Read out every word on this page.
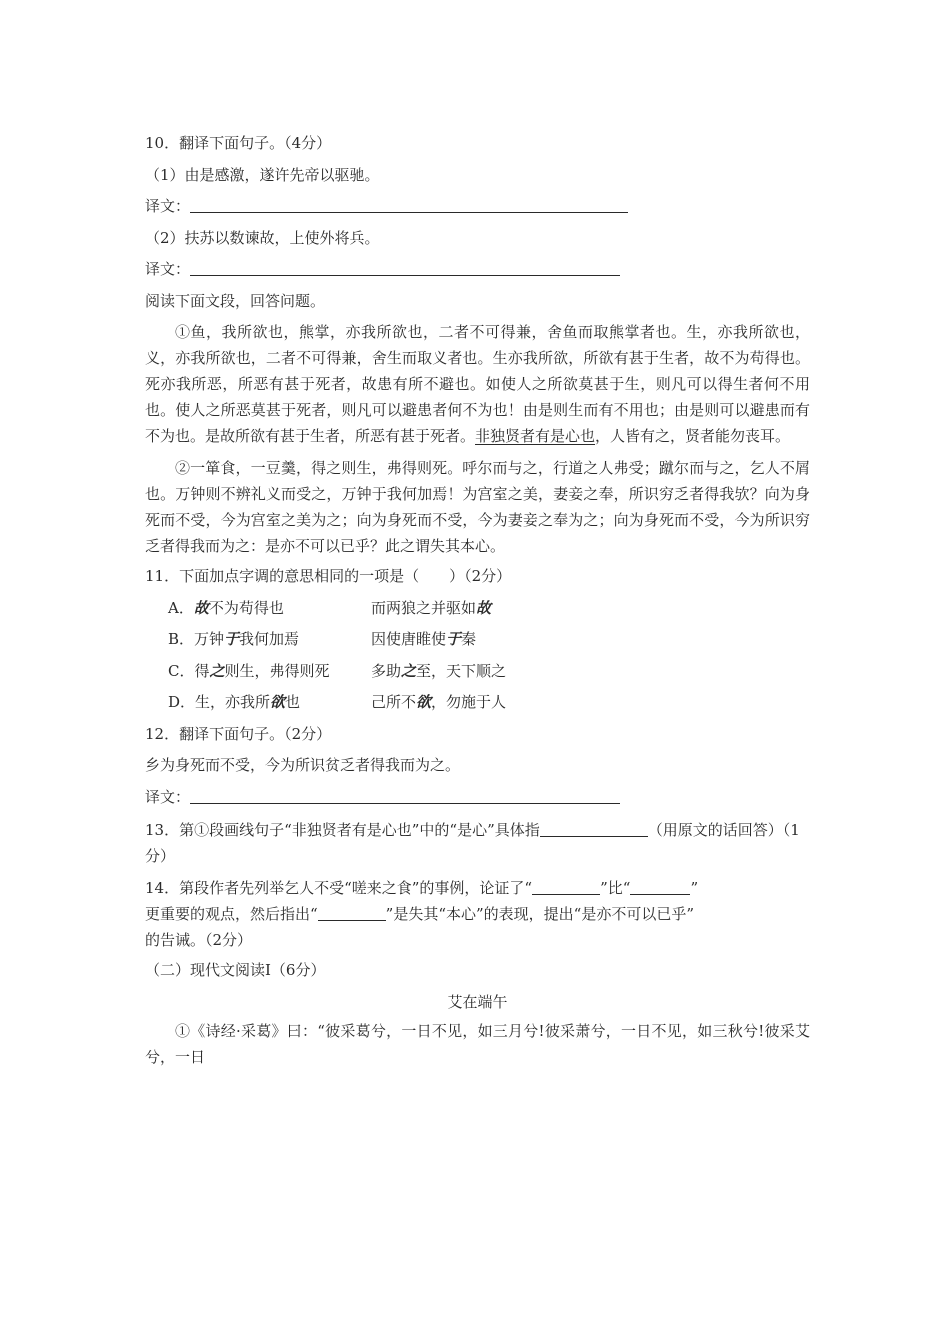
10．翻译下面句子。（4分）
（1）由是感激，遂许先帝以驱驰。
译文：
（2）扶苏以数谏故，上使外将兵。
译文：
阅读下面文段，回答问题。

①鱼，我所欲也，熊掌，亦我所欲也，二者不可得兼，舍鱼而取熊掌者也。生，亦我所欲也，义，亦我所欲也，二者不可得兼，舍生而取义者也。生亦我所欲，所欲有甚于生者，故不为苟得也。死亦我所恶，所恶有甚于死者，故患有所不避也。如使人之所欲莫甚于生，则凡可以得生者何不用也。使人之所恶莫甚于死者，则凡可以避患者何不为也！由是则生而有不用也；由是则可以避患而有不为也。是故所欲有甚于生者，所恶有甚于死者。非独贤者有是心也，人皆有之，贤者能勿丧耳。

②一箪食，一豆羹，得之则生，弗得则死。呼尔而与之，行道之人弗受；蹴尔而与之，乞人不屑也。万钟则不辨礼义而受之，万钟于我何加焉！为宫室之美，妻妾之奉，所识穷乏者得我欤？向为身死而不受，今为宫室之美为之；向为身死而不受，今为妻妾之奉为之；向为身死而不受，今为所识穷乏者得我而为之：是亦不可以已乎？此之谓失其本心。

11．下面加点字调的意思相同的一项是（　　）（2分）
A．故不为苟得也	而两狼之并驱如故
B．万钟于我何加焉	因使唐睢使于秦
C．得之则生，弗得则死	多助之至，天下顺之
D．生，亦我所欲也	己所不欲，勿施于人
12．翻译下面句子。（2分）
乡为身死而不受，今为所识贫乏者得我而为之。
译文：
13．第①段画线句子“非独贤者有是心也”中的“是心”具体指	（用原文的话回答）（1分）
14．第段作者先列举乞人不受“嗟来之食”的事例，论证了“	”比“	”
更重要的观点，然后指出“	”是失其“本心”的表现，提出“是亦不可以已乎”
的告诫。（2分）
（二）现代文阅读Ⅰ（6分）
艾在端午

①《诗经·采葛》曰：“彼采葛兮，一日不见，如三月兮!彼采萧兮，一日不见，如三秋兮!彼采艾兮，一日
